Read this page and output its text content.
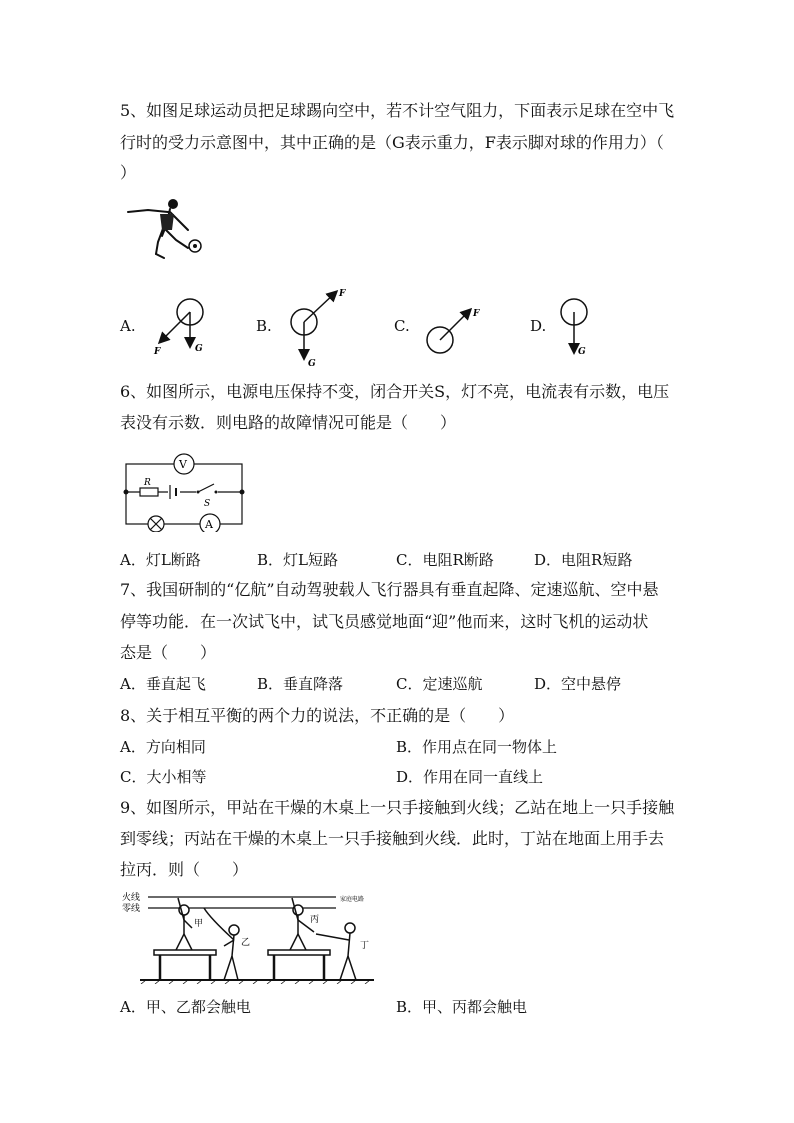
5、如图足球运动员把足球踢向空中，若不计空气阻力，下面表示足球在空中飞
行时的受力示意图中，其中正确的是（G表示重力，F表示脚对球的作用力）（
）
A.
F	G
B.
F
G
C.
F
D.
G
6、如图所示，电源电压保持不变，闭合开关S，灯不亮，电流表有示数，电压
表没有示数．则电路的故障情况可能是（　　）
V
R
S
A
A．灯L断路	B．灯L短路	C．电阻R断路	D．电阻R短路
7、我国研制的“亿航”自动驾驶载人飞行器具有垂直起降、定速巡航、空中悬
停等功能．在一次试飞中，试飞员感觉地面“迎”他而来，这时飞机的运动状
态是（　　）
A．垂直起飞	B．垂直降落	C．定速巡航	D．空中悬停
8、关于相互平衡的两个力的说法，不正确的是（　　）
A．方向相同	B．作用点在同一物体上
C．大小相等	D．作用在同一直线上
9、如图所示，甲站在干燥的木桌上一只手接触到火线；乙站在地上一只手接触
到零线；丙站在干燥的木桌上一只手接触到火线．此时，丁站在地面上用手去
拉丙．则（　　）
火线
零线
家庭电路
甲
乙
丙
丁
A．甲、乙都会触电	B．甲、丙都会触电
